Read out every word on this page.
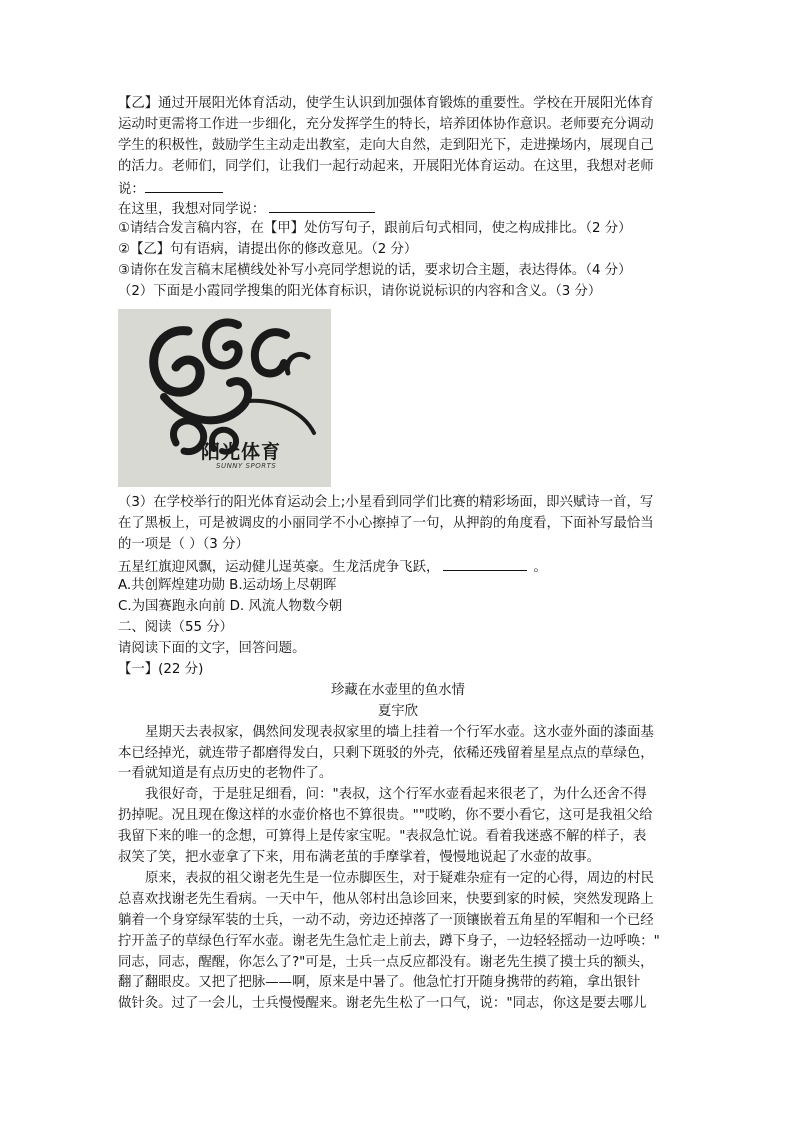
【乙】通过开展阳光体育活动，使学生认识到加强体育锻炼的重要性。学校在开展阳光体育
运动时更需将工作进一步细化，充分发挥学生的特长，培养团体协作意识。老师要充分调动
学生的积极性，鼓励学生主动走出教室，走向大自然，走到阳光下，走进操场内，展现自己
的活力。老师们，同学们，让我们一起行动起来，开展阳光体育运动。在这里，我想对老师
说：
在这里，我想对同学说：
①请结合发言稿内容，在【甲】处仿写句子，跟前后句式相同，使之构成排比。（2 分）
②【乙】句有语病，请提出你的修改意见。（2 分）
③请你在发言稿末尾横线处补写小亮同学想说的话，要求切合主题，表达得体。（4 分）
（2）下面是小霞同学搜集的阳光体育标识，请你说说标识的内容和含义。（3 分）
阳光体育
SUNNY SPORTS
（3）在学校举行的阳光体育运动会上;小星看到同学们比赛的精彩场面，即兴赋诗一首，写
在了黑板上，可是被调皮的小丽同学不小心擦掉了一句，从押韵的角度看，下面补写最恰当
的一项是（ ）（3 分）
五星红旗迎风飘，运动健儿逞英豪。生龙活虎争飞跃，	。
A.共创辉煌建功勋 B.运动场上尽朝晖
C.为国赛跑永向前 D. 风流人物数今朝
二、阅读（55 分）
请阅读下面的文字，回答问题。
【一】(22 分)
珍藏在水壶里的鱼水情
夏宇欣
星期天去表叔家，偶然间发现表叔家里的墙上挂着一个行军水壶。这水壶外面的漆面基
本已经掉光，就连带子都磨得发白，只剩下斑驳的外壳，依稀还残留着星星点点的草绿色，
一看就知道是有点历史的老物件了。
我很好奇，于是驻足细看，问："表叔，这个行军水壶看起来很老了，为什么还舍不得
扔掉呢。况且现在像这样的水壶价格也不算很贵。""哎哟，你不要小看它，这可是我祖父给
我留下来的唯一的念想，可算得上是传家宝呢。"表叔急忙说。看着我迷惑不解的样子，表
叔笑了笑，把水壶拿了下来，用布满老茧的手摩挲着，慢慢地说起了水壶的故事。
原来，表叔的祖父谢老先生是一位赤脚医生，对于疑难杂症有一定的心得，周边的村民
总喜欢找谢老先生看病。一天中午，他从邻村出急诊回来，快要到家的时候，突然发现路上
躺着一个身穿绿军装的士兵，一动不动，旁边还掉落了一顶镶嵌着五角星的军帽和一个已经
拧开盖子的草绿色行军水壶。谢老先生急忙走上前去，蹲下身子，一边轻轻摇动一边呼唤："
同志，同志，醒醒，你怎么了?"可是，士兵一点反应都没有。谢老先生摸了摸士兵的额头，
翻了翻眼皮。又把了把脉——啊，原来是中暑了。他急忙打开随身携带的药箱，拿出银针
做针灸。过了一会儿，士兵慢慢醒来。谢老先生松了一口气，说："同志，你这是要去哪儿
